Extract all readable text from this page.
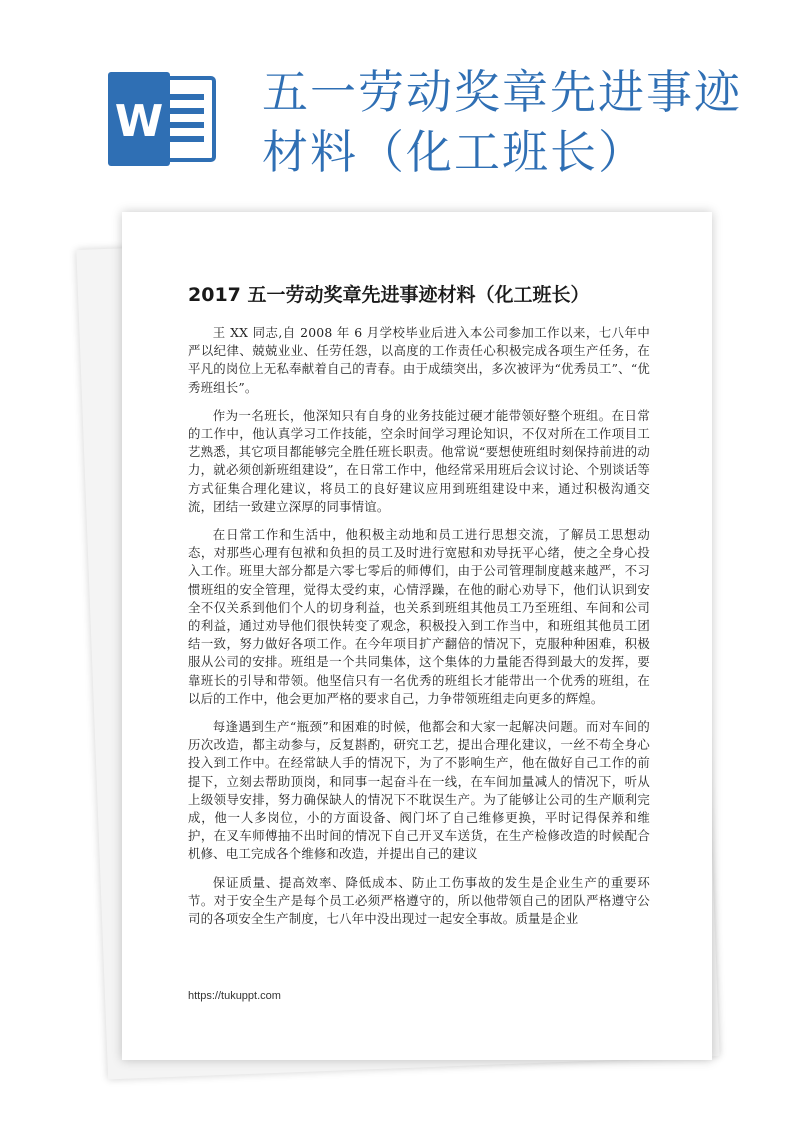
W
五一劳动奖章先进事迹
材料（化工班长）
2017 五一劳动奖章先进事迹材料（化工班长）

王 XX 同志,自 2008 年 6 月学校毕业后进入本公司参加工作以来，七八年中严以纪律、兢兢业业、任劳任怨，以高度的工作责任心积极完成各项生产任务，在平凡的岗位上无私奉献着自己的青春。由于成绩突出，多次被评为“优秀员工”、“优秀班组长”。

作为一名班长，他深知只有自身的业务技能过硬才能带领好整个班组。在日常的工作中，他认真学习工作技能，空余时间学习理论知识，不仅对所在工作项目工艺熟悉，其它项目都能够完全胜任班长职责。他常说“要想使班组时刻保持前进的动力，就必须创新班组建设”，在日常工作中，他经常采用班后会议讨论、个别谈话等方式征集合理化建议，将员工的良好建议应用到班组建设中来，通过积极沟通交流，团结一致建立深厚的同事情谊。

在日常工作和生活中，他积极主动地和员工进行思想交流，了解员工思想动态，对那些心理有包袱和负担的员工及时进行宽慰和劝导抚平心绪，使之全身心投入工作。班里大部分都是六零七零后的师傅们，由于公司管理制度越来越严，不习惯班组的安全管理，觉得太受约束，心情浮躁，在他的耐心劝导下，他们认识到安全不仅关系到他们个人的切身利益，也关系到班组其他员工乃至班组、车间和公司的利益，通过劝导他们很快转变了观念，积极投入到工作当中，和班组其他员工团结一致，努力做好各项工作。在今年项目扩产翻倍的情况下，克服种种困难，积极服从公司的安排。班组是一个共同集体，这个集体的力量能否得到最大的发挥，要靠班长的引导和带领。他坚信只有一名优秀的班组长才能带出一个优秀的班组，在以后的工作中，他会更加严格的要求自己，力争带领班组走向更多的辉煌。

每逢遇到生产“瓶颈”和困难的时候，他都会和大家一起解决问题。而对车间的历次改造，都主动参与，反复斟酌，研究工艺，提出合理化建议，一丝不苟全身心投入到工作中。在经常缺人手的情况下，为了不影响生产，他在做好自己工作的前提下，立刻去帮助顶岗，和同事一起奋斗在一线，在车间加量减人的情况下，听从上级领导安排，努力确保缺人的情况下不耽误生产。为了能够让公司的生产顺利完成，他一人多岗位，小的方面设备、阀门坏了自己维修更换，平时记得保养和维护，在叉车师傅抽不出时间的情况下自己开叉车送货，在生产检修改造的时候配合机修、电工完成各个维修和改造，并提出自己的建议

保证质量、提高效率、降低成本、防止工伤事故的发生是企业生产的重要环节。对于安全生产是每个员工必须严格遵守的，所以他带领自己的团队严格遵守公司的各项安全生产制度，七八年中没出现过一起安全事故。质量是企业

https://tukuppt.com
